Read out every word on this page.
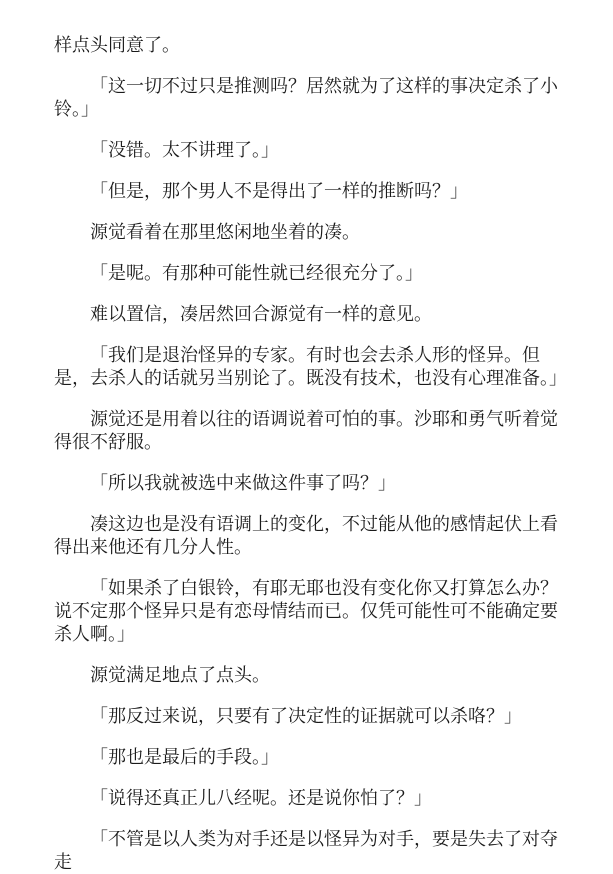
样点头同意了。

「这一切不过只是推测吗？居然就为了这样的事决定杀了小铃。」

「没错。太不讲理了。」

「但是，那个男人不是得出了一样的推断吗？」

源觉看着在那里悠闲地坐着的凑。

「是呢。有那种可能性就已经很充分了。」

难以置信，凑居然回合源觉有一样的意见。

「我们是退治怪异的专家。有时也会去杀人形的怪异。但是，去杀人的话就另当别论了。既没有技术，也没有心理准备。」

源觉还是用着以往的语调说着可怕的事。沙耶和勇气听着觉得很不舒服。

「所以我就被选中来做这件事了吗？」

凑这边也是没有语调上的变化，不过能从他的感情起伏上看得出来他还有几分人性。

「如果杀了白银铃，有耶无耶也没有变化你又打算怎么办？说不定那个怪异只是有恋母情结而已。仅凭可能性可不能确定要杀人啊。」

源觉满足地点了点头。

「那反过来说，只要有了决定性的证据就可以杀咯？」

「那也是最后的手段。」

「说得还真正儿八经呢。还是说你怕了？」

「不管是以人类为对手还是以怪异为对手，要是失去了对夺走
